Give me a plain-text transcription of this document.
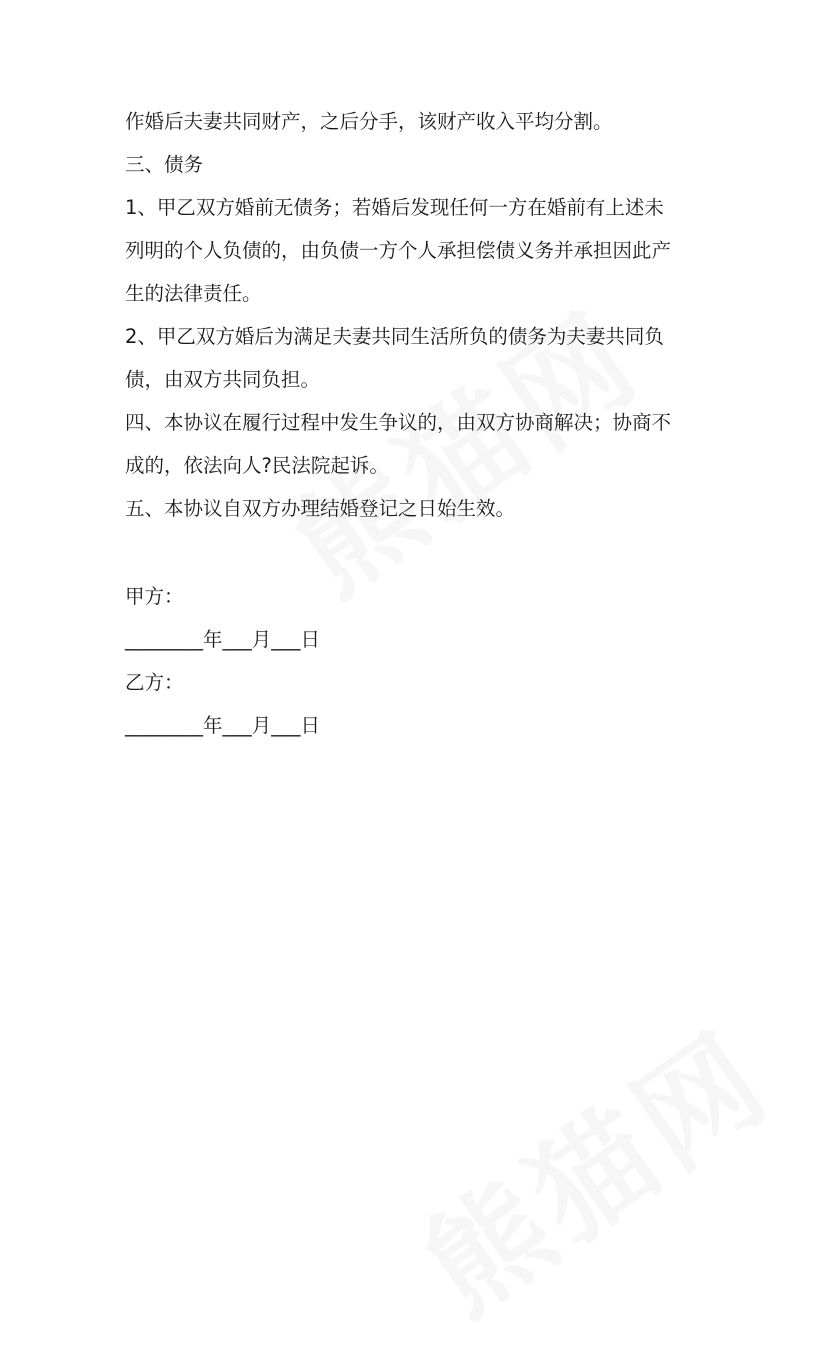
作婚后夫妻共同财产，之后分手，该财产收入平均分割。

三、债务

1、甲乙双方婚前无债务；若婚后发现任何一方在婚前有上述未

列明的个人负债的，由负债一方个人承担偿债义务并承担因此产

生的法律责任。

2、甲乙双方婚后为满足夫妻共同生活所负的债务为夫妻共同负

债，由双方共同负担。

四、本协议在履行过程中发生争议的，由双方协商解决；协商不

成的，依法向人?民法院起诉。

五、本协议自双方办理结婚登记之日始生效。

甲方：

________年___月___日

乙方：

________年___月___日
